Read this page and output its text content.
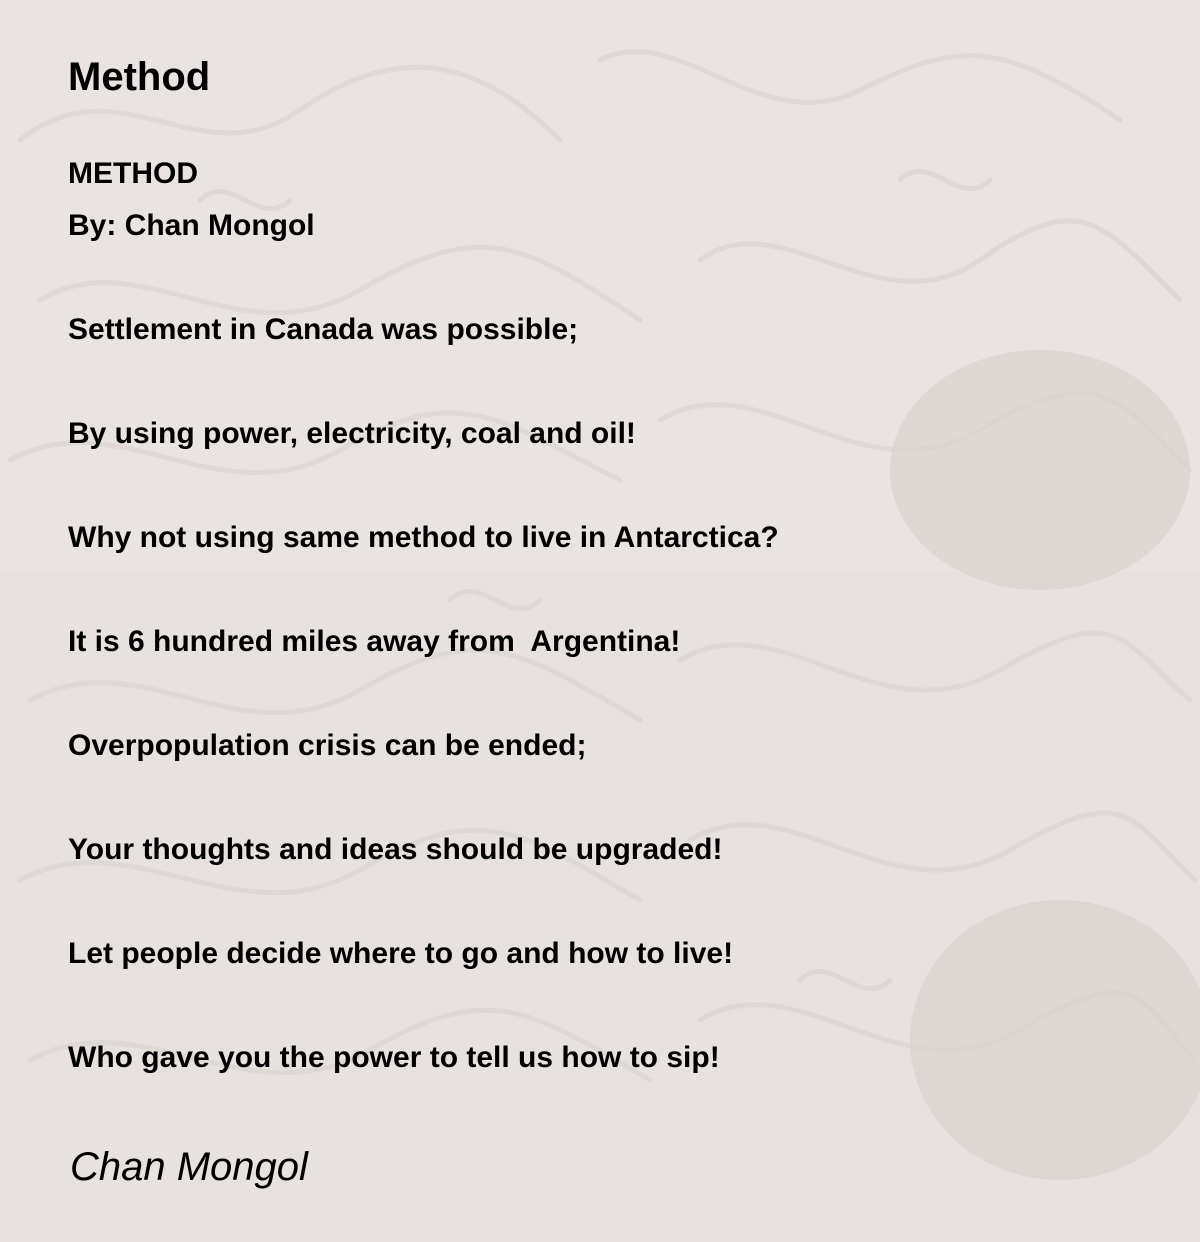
Method
METHOD
By: Chan Mongol
Settlement in Canada was possible;
By using power, electricity, coal and oil!
Why not using same method to live in Antarctica?
It is 6 hundred miles away from  Argentina!
Overpopulation crisis can be ended;
Your thoughts and ideas should be upgraded!
Let people decide where to go and how to live!
Who gave you the power to tell us how to sip!
Chan Mongol
